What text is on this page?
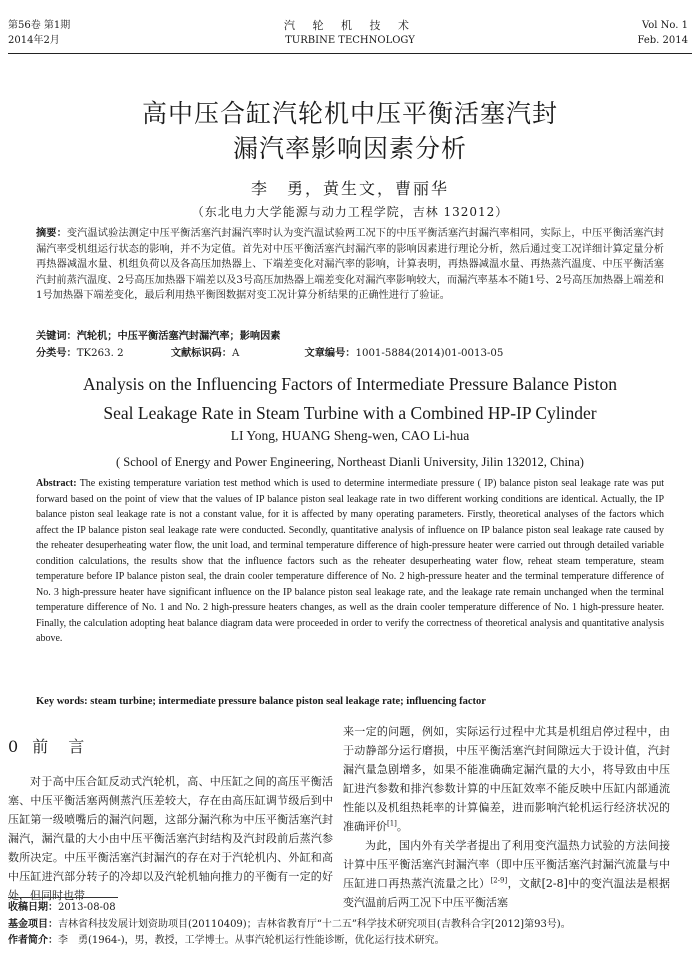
第56卷 第1期
2014年2月
汽 轮 机 技 术
TURBINE TECHNOLOGY
Vol No. 1
Feb. 2014
高中压合缸汽轮机中压平衡活塞汽封
漏汽率影响因素分析
李　勇，黄生文，曹丽华
（东北电力大学能源与动力工程学院，吉林 132012）
摘要：变汽温试验法测定中压平衡活塞汽封漏汽率时认为变汽温试验两工况下的中压平衡活塞汽封漏汽率相同，实际上，中压平衡活塞汽封漏汽率受机组运行状态的影响，并不为定值。首先对中压平衡活塞汽封漏汽率的影响因素进行理论分析，然后通过变工况详细计算定量分析再热器减温水量、机组负荷以及各高压加热器上、下端差变化对漏汽率的影响，计算表明，再热器减温水量、再热蒸汽温度、中压平衡活塞汽封前蒸汽温度、2号高压加热器下端差以及3号高压加热器上端差变化对漏汽率影响较大，而漏汽率基本不随1号、2号高压加热器上端差和1号加热器下端差变化，最后利用热平衡图数据对变工况计算分析结果的正确性进行了验证。
关键词：汽轮机；中压平衡活塞汽封漏汽率；影响因素
分类号：TK263. 2	文献标识码：A	文章编号：1001-5884(2014)01-0013-05
Analysis on the Influencing Factors of Intermediate Pressure Balance Piston
Seal Leakage Rate in Steam Turbine with a Combined HP-IP Cylinder
LI Yong, HUANG Sheng-wen, CAO Li-hua
( School of Energy and Power Engineering, Northeast Dianli University, Jilin 132012, China)
Abstract: The existing temperature variation test method which is used to determine intermediate pressure ( IP) balance piston seal leakage rate was put forward based on the point of view that the values of IP balance piston seal leakage rate in two different working conditions are identical. Actually, the IP balance piston seal leakage rate is not a constant value, for it is affected by many operating parameters. Firstly, theoretical analyses of the factors which affect the IP balance piston seal leakage rate were conducted. Secondly, quantitative analysis of influence on IP balance piston seal leakage rate caused by the reheater desuperheating water flow, the unit load, and terminal temperature difference of high-pressure heater were carried out through detailed variable condition calculations, the results show that the influence factors such as the reheater desuperheating water flow, reheat steam temperature, steam temperature before IP balance piston seal, the drain cooler temperature difference of No. 2 high-pressure heater and the terminal temperature difference of No. 3 high-pressure heater have significant influence on the IP balance piston seal leakage rate, and the leakage rate remain unchanged when the terminal temperature difference of No. 1 and No. 2 high-pressure heaters changes, as well as the drain cooler temperature difference of No. 1 high-pressure heater. Finally, the calculation adopting heat balance diagram data were proceeded in order to verify the correctness of theoretical analysis and quantitative analysis above.
Key words: steam turbine; intermediate pressure balance piston seal leakage rate; influencing factor
0 前　言

对于高中压合缸反动式汽轮机，高、中压缸之间的高压平衡活塞、中压平衡活塞两侧蒸汽压差较大，存在由高压缸调节级后到中压缸第一级喷嘴后的漏汽问题，这部分漏汽称为中压平衡活塞汽封漏汽，漏汽量的大小由中压平衡活塞汽封结构及汽封段前后蒸汽参数所决定。中压平衡活塞汽封漏汽的存在对于汽轮机内、外缸和高中压缸进汽部分转子的冷却以及汽轮机轴向推力的平衡有一定的好处，但同时也带

来一定的问题，例如，实际运行过程中尤其是机组启停过程中，由于动静部分运行磨损，中压平衡活塞汽封间隙远大于设计值，汽封漏汽量急剧增多，如果不能准确确定漏汽量的大小，将导致由中压缸进汽参数和排汽参数计算的中压缸效率不能反映中压缸内部通流性能以及机组热耗率的计算偏差，进而影响汽轮机运行经济状况的准确评价[1]。

为此，国内外有关学者提出了利用变汽温热力试验的方法间接计算中压平衡活塞汽封漏汽率（即中压平衡活塞汽封漏汽流量与中压缸进口再热蒸汽流量之比）[2-9]，文献[2-8]中的变汽温法是根据变汽温前后两工况下中压平衡活塞

收稿日期：2013-08-08
基金项目：吉林省科技发展计划资助项目(20110409)；吉林省教育厅“十二五”科学技术研究项目(吉教科合字[2012]第93号)。
作者简介：李　勇(1964-)，男，教授，工学博士。从事汽轮机运行性能诊断，优化运行技术研究。
